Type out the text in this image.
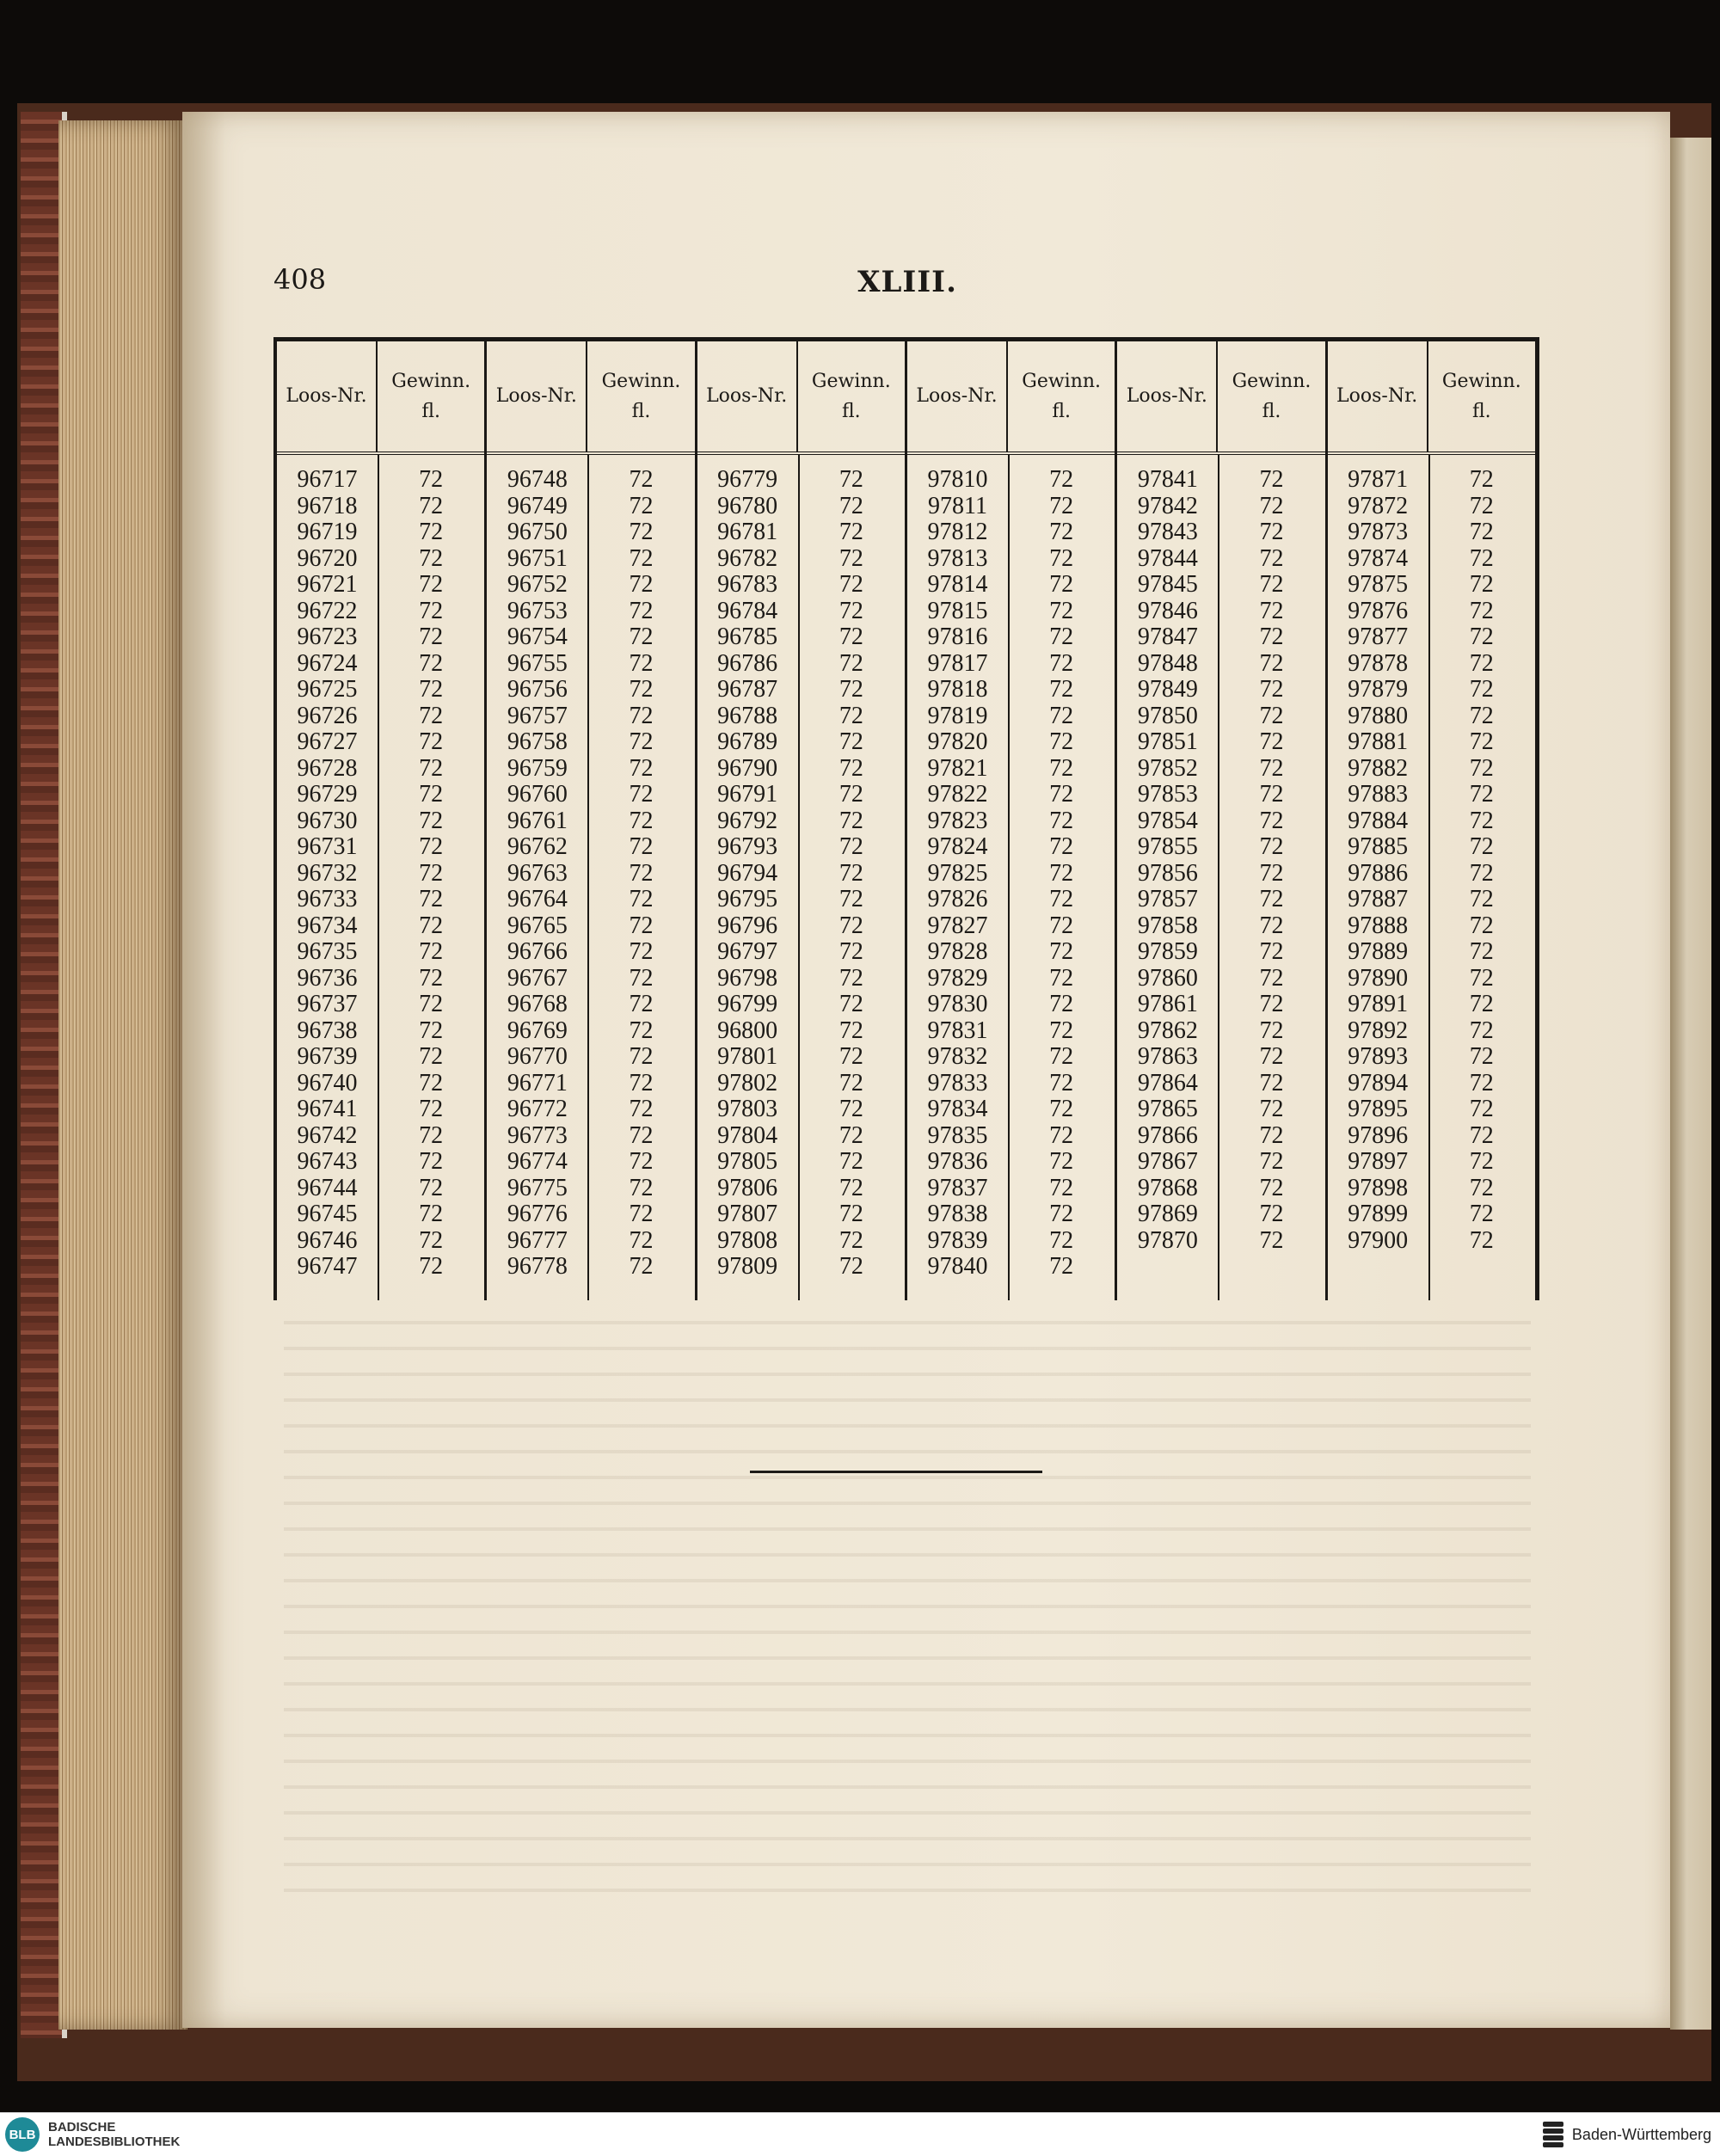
408	XLIII.
Loos-Nr.
Gewinn.
fl.
96717	72
96718	72
96719	72
96720	72
96721	72
96722	72
96723	72
96724	72
96725	72
96726	72
96727	72
96728	72
96729	72
96730	72
96731	72
96732	72
96733	72
96734	72
96735	72
96736	72
96737	72
96738	72
96739	72
96740	72
96741	72
96742	72
96743	72
96744	72
96745	72
96746	72
96747	72
Loos-Nr.
Gewinn.
fl.
96748	72
96749	72
96750	72
96751	72
96752	72
96753	72
96754	72
96755	72
96756	72
96757	72
96758	72
96759	72
96760	72
96761	72
96762	72
96763	72
96764	72
96765	72
96766	72
96767	72
96768	72
96769	72
96770	72
96771	72
96772	72
96773	72
96774	72
96775	72
96776	72
96777	72
96778	72
Loos-Nr.
Gewinn.
fl.
96779	72
96780	72
96781	72
96782	72
96783	72
96784	72
96785	72
96786	72
96787	72
96788	72
96789	72
96790	72
96791	72
96792	72
96793	72
96794	72
96795	72
96796	72
96797	72
96798	72
96799	72
96800	72
97801	72
97802	72
97803	72
97804	72
97805	72
97806	72
97807	72
97808	72
97809	72
Loos-Nr.
Gewinn.
fl.
97810	72
97811	72
97812	72
97813	72
97814	72
97815	72
97816	72
97817	72
97818	72
97819	72
97820	72
97821	72
97822	72
97823	72
97824	72
97825	72
97826	72
97827	72
97828	72
97829	72
97830	72
97831	72
97832	72
97833	72
97834	72
97835	72
97836	72
97837	72
97838	72
97839	72
97840	72
Loos-Nr.
Gewinn.
fl.
97841	72
97842	72
97843	72
97844	72
97845	72
97846	72
97847	72
97848	72
97849	72
97850	72
97851	72
97852	72
97853	72
97854	72
97855	72
97856	72
97857	72
97858	72
97859	72
97860	72
97861	72
97862	72
97863	72
97864	72
97865	72
97866	72
97867	72
97868	72
97869	72
97870	72
Loos-Nr.
Gewinn.
fl.
97871	72
97872	72
97873	72
97874	72
97875	72
97876	72
97877	72
97878	72
97879	72
97880	72
97881	72
97882	72
97883	72
97884	72
97885	72
97886	72
97887	72
97888	72
97889	72
97890	72
97891	72
97892	72
97893	72
97894	72
97895	72
97896	72
97897	72
97898	72
97899	72
97900	72
BLB
BADISCHE
LANDESBIBLIOTHEK	Baden-Württemberg
